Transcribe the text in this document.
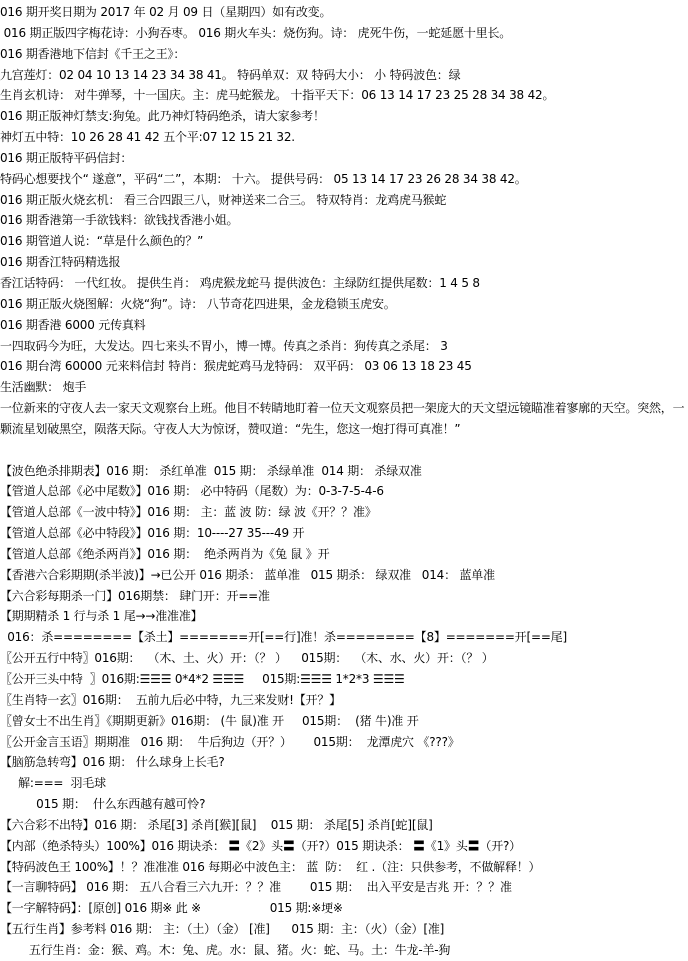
016 期开奖日期为 2017 年 02 月 09 日（星期四）如有改变。
016 期正版四字梅花诗：小狗吞枣。 016 期火车头：烧伤狗。诗： 虎死牛伤，一蛇延愿十里长。
016 期香港地下信封《千王之王》：
九宫莲灯：02 04 10 13 14 23 34 38 41。 特码单双：双 特码大小： 小 特码波色：绿
生肖玄机诗： 对牛弹琴，十一国庆。主：虎马蛇猴龙。 十指平天下：06 13 14 17 23 25 28 34 38 42。
016 期正版神灯禁支:狗兔。此乃神灯特码绝杀，请大家参考！
神灯五中特：10 26 28 41 42 五个平:07 12 15 21 32.
016 期正版特平码信封：
特码心想要找个“ 遂意”，平码“二”，本期： 十六。 提供号码： 05 13 14 17 23 26 28 34 38 42。
016 期正版火烧玄机： 看三合四跟三八，财神送来二合三。 特双特肖：龙鸡虎马猴蛇
016 期香港第一手欲钱料：欲钱找香港小姐。
016 期管道人说：“草是什么颜色的？”
016 期香江特码精选报
香江话特码： 一代红妆。 提供生肖： 鸡虎猴龙蛇马 提供波色：主绿防红提供尾数：1 4 5 8
016 期正版火烧图解：火烧“狗”。诗： 八节奇花四进果，金龙稳锁玉虎安。
016 期香港 6000 元传真料
一四取码今为旺，大发达。四七来头不胃小，博一博。传真之杀肖：狗传真之杀尾： 3
016 期台湾 60000 元来料信封 特肖：猴虎蛇鸡马龙特码： 双平码： 03 06 13 18 23 45
生活幽默： 炮手
一位新来的守夜人去一家天文观察台上班。他目不转睛地盯着一位天文观察员把一架庞大的天文望远镜瞄准着寥廓的天空。突然，一颗流星划破黑空，陨落天际。守夜人大为惊讶，赞叹道：“先生，您这一炮打得可真准！”
【波色绝杀排期表】016 期： 杀红单准  015 期： 杀绿单准  014 期： 杀绿双准
【管道人总部《必中尾数》】016 期： 必中特码（尾数）为：0-3-7-5-4-6
【管道人总部《一波中特》】016 期： 主：蓝 波 防：绿 波《开？？准》
【管道人总部《必中特段》】016 期：10----27 35---49 开
【管道人总部《绝杀两肖》】016 期：  绝杀两肖为《兔 鼠 》开
【香港六合彩期期(杀半波)】→已公开 016 期杀： 蓝单准   015 期杀： 绿双准   014： 蓝单准
【六合彩每期杀一门】016期禁： 肆门开：开==准
【期期精杀 1 行与杀 1 尾→→准准准】
016：杀========【杀土】=======开[==行]准！杀========【8】=======开[==尾]
〖公开五行中特〗016期：  （木、土、火）开：（？ ）    015期：  （木、水、火）开：（？ ）
〖公开三头中特  〗016期:☰☰☰ 0*4*2 ☰☰☰     015期:☰☰☰ 1*2*3 ☰☰☰
〖生肖特一玄〗016期：  五前九后必中特，九三来发财!【开？】
〖曾女士不出生肖〗《期期更新》016期： (牛 鼠)准 开     015期：  (猪 牛)准 开
〖公开金言玉语〗期期准   016 期：  牛后狗边（开？）      015期：  龙潭虎穴 《???》
【脑筋急转弯】016 期： 什么球身上长毛?
解:===  羽毛球
015 期：  什么东西越有越可怜?
【六合彩不出特】016 期： 杀尾[3] 杀肖[猴][鼠]    015 期： 杀尾[5] 杀肖[蛇][鼠]
【内部（绝杀特头）100%】016 期诀杀： 〓《2》头〓（开?）015 期诀杀： 〓《1》头〓（开?）
【特码波色王 100%】！？准准准 016 每期必中波色主： 蓝  防：  红 .（注：只供参考，不做解释！）
【一言聊特码】 016 期： 五八合看三六九开：？？准        015 期：  出入平安是吉兆 开：？？准
【一字解特码】：[原创] 016 期※ 此 ※                   015 期:※埂※
【五行生肖】参考料 016 期： 主：（土）（金） [准]      015 期：主：（火）（金）[准]
五行生肖：金：猴、鸡。木：兔、虎。水：鼠、猪。火：蛇、马。土：牛龙-羊-狗
